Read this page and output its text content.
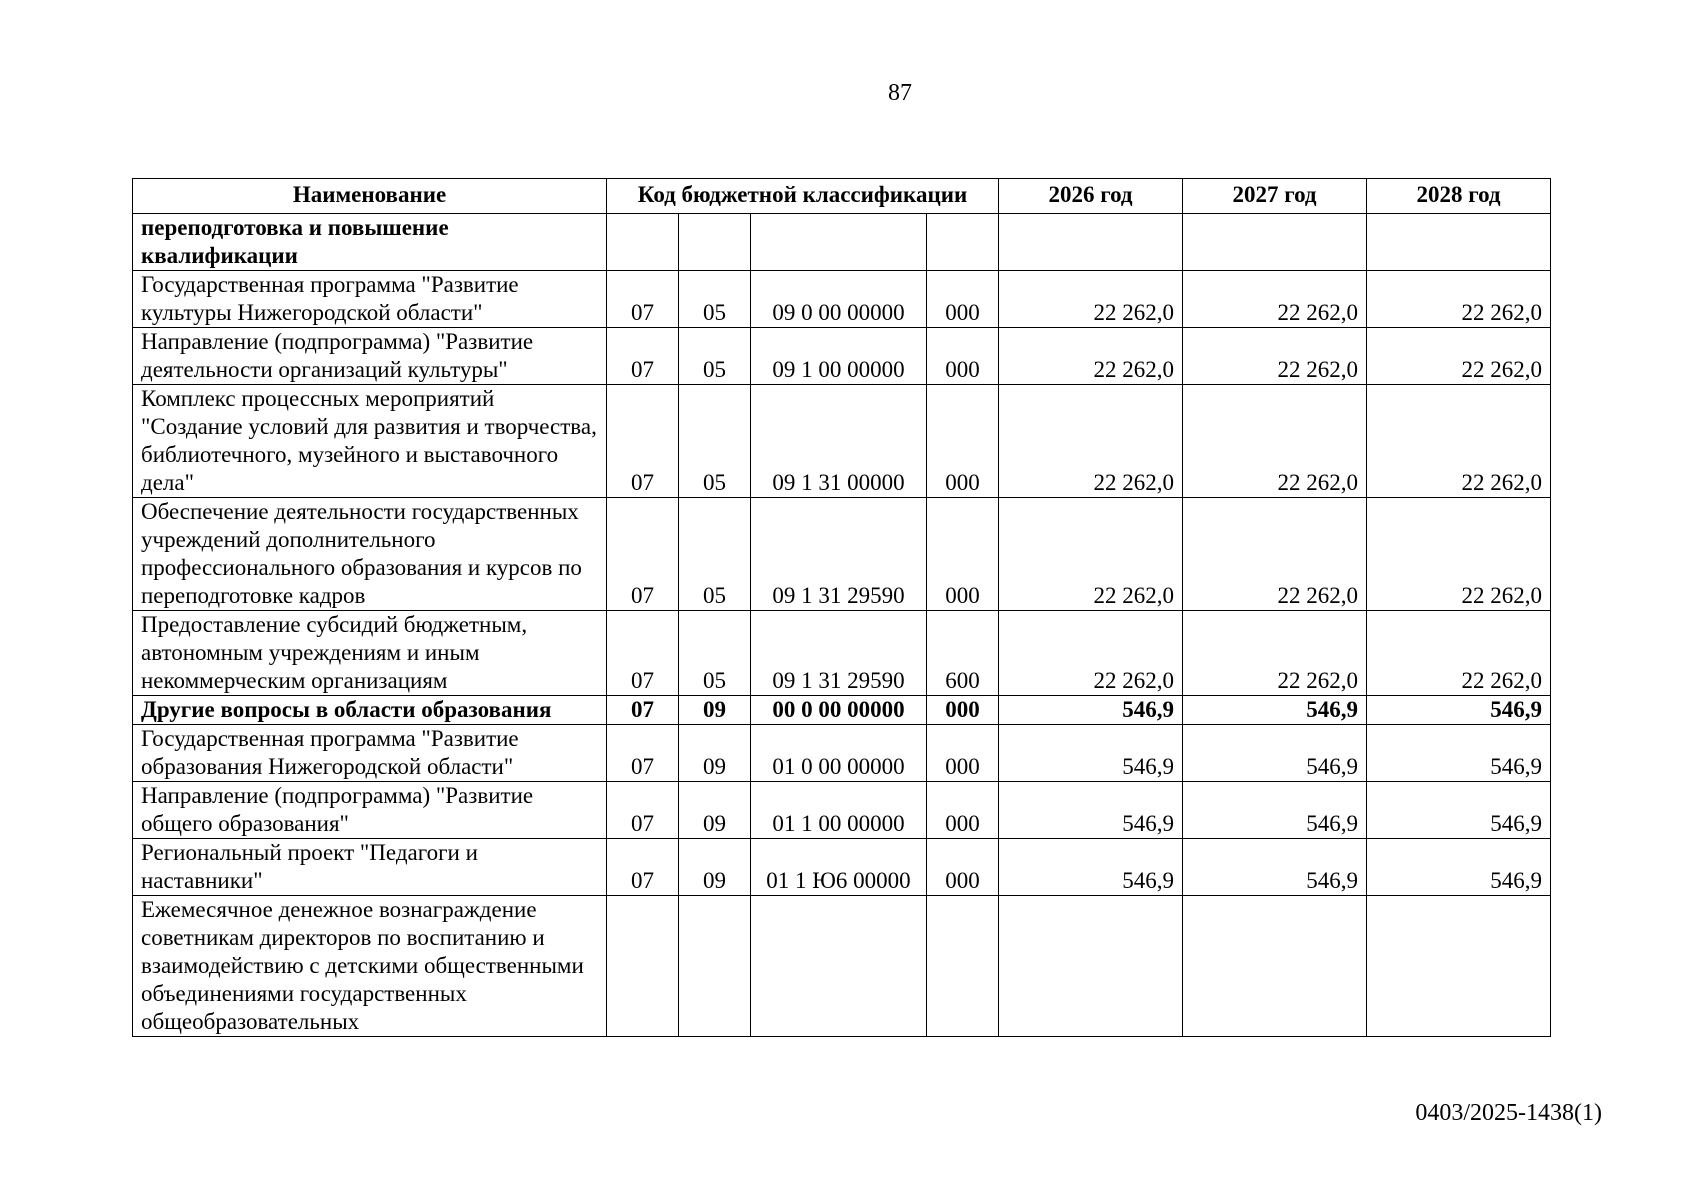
87
Наименование	Код бюджетной классификации				2026 год	2027 год	2028 год
переподготовка и повышение квалификации							
Государственная программа "Развитие культуры Нижегородской области"	07	05	09 0 00 00000	000	22 262,0	22 262,0	22 262,0
Направление (подпрограмма) "Развитие деятельности организаций культуры"	07	05	09 1 00 00000	000	22 262,0	22 262,0	22 262,0
Комплекс процессных мероприятий "Создание условий для развития и творчества, библиотечного, музейного и выставочного дела"	07	05	09 1 31 00000	000	22 262,0	22 262,0	22 262,0
Обеспечение деятельности государственных учреждений дополнительного профессионального образования и курсов по переподготовке кадров	07	05	09 1 31 29590	000	22 262,0	22 262,0	22 262,0
Предоставление субсидий бюджетным, автономным учреждениям и иным некоммерческим организациям	07	05	09 1 31 29590	600	22 262,0	22 262,0	22 262,0
Другие вопросы в области образования	07	09	00 0 00 00000	000	546,9	546,9	546,9
Государственная программа "Развитие образования Нижегородской области"	07	09	01 0 00 00000	000	546,9	546,9	546,9
Направление (подпрограмма) "Развитие общего образования"	07	09	01 1 00 00000	000	546,9	546,9	546,9
Региональный проект "Педагоги и наставники"	07	09	01 1 Ю6 00000	000	546,9	546,9	546,9
Ежемесячное денежное вознаграждение советникам директоров по воспитанию и взаимодействию с детскими общественными объединениями государственных общеобразовательных							
0403/2025-1438(1)
